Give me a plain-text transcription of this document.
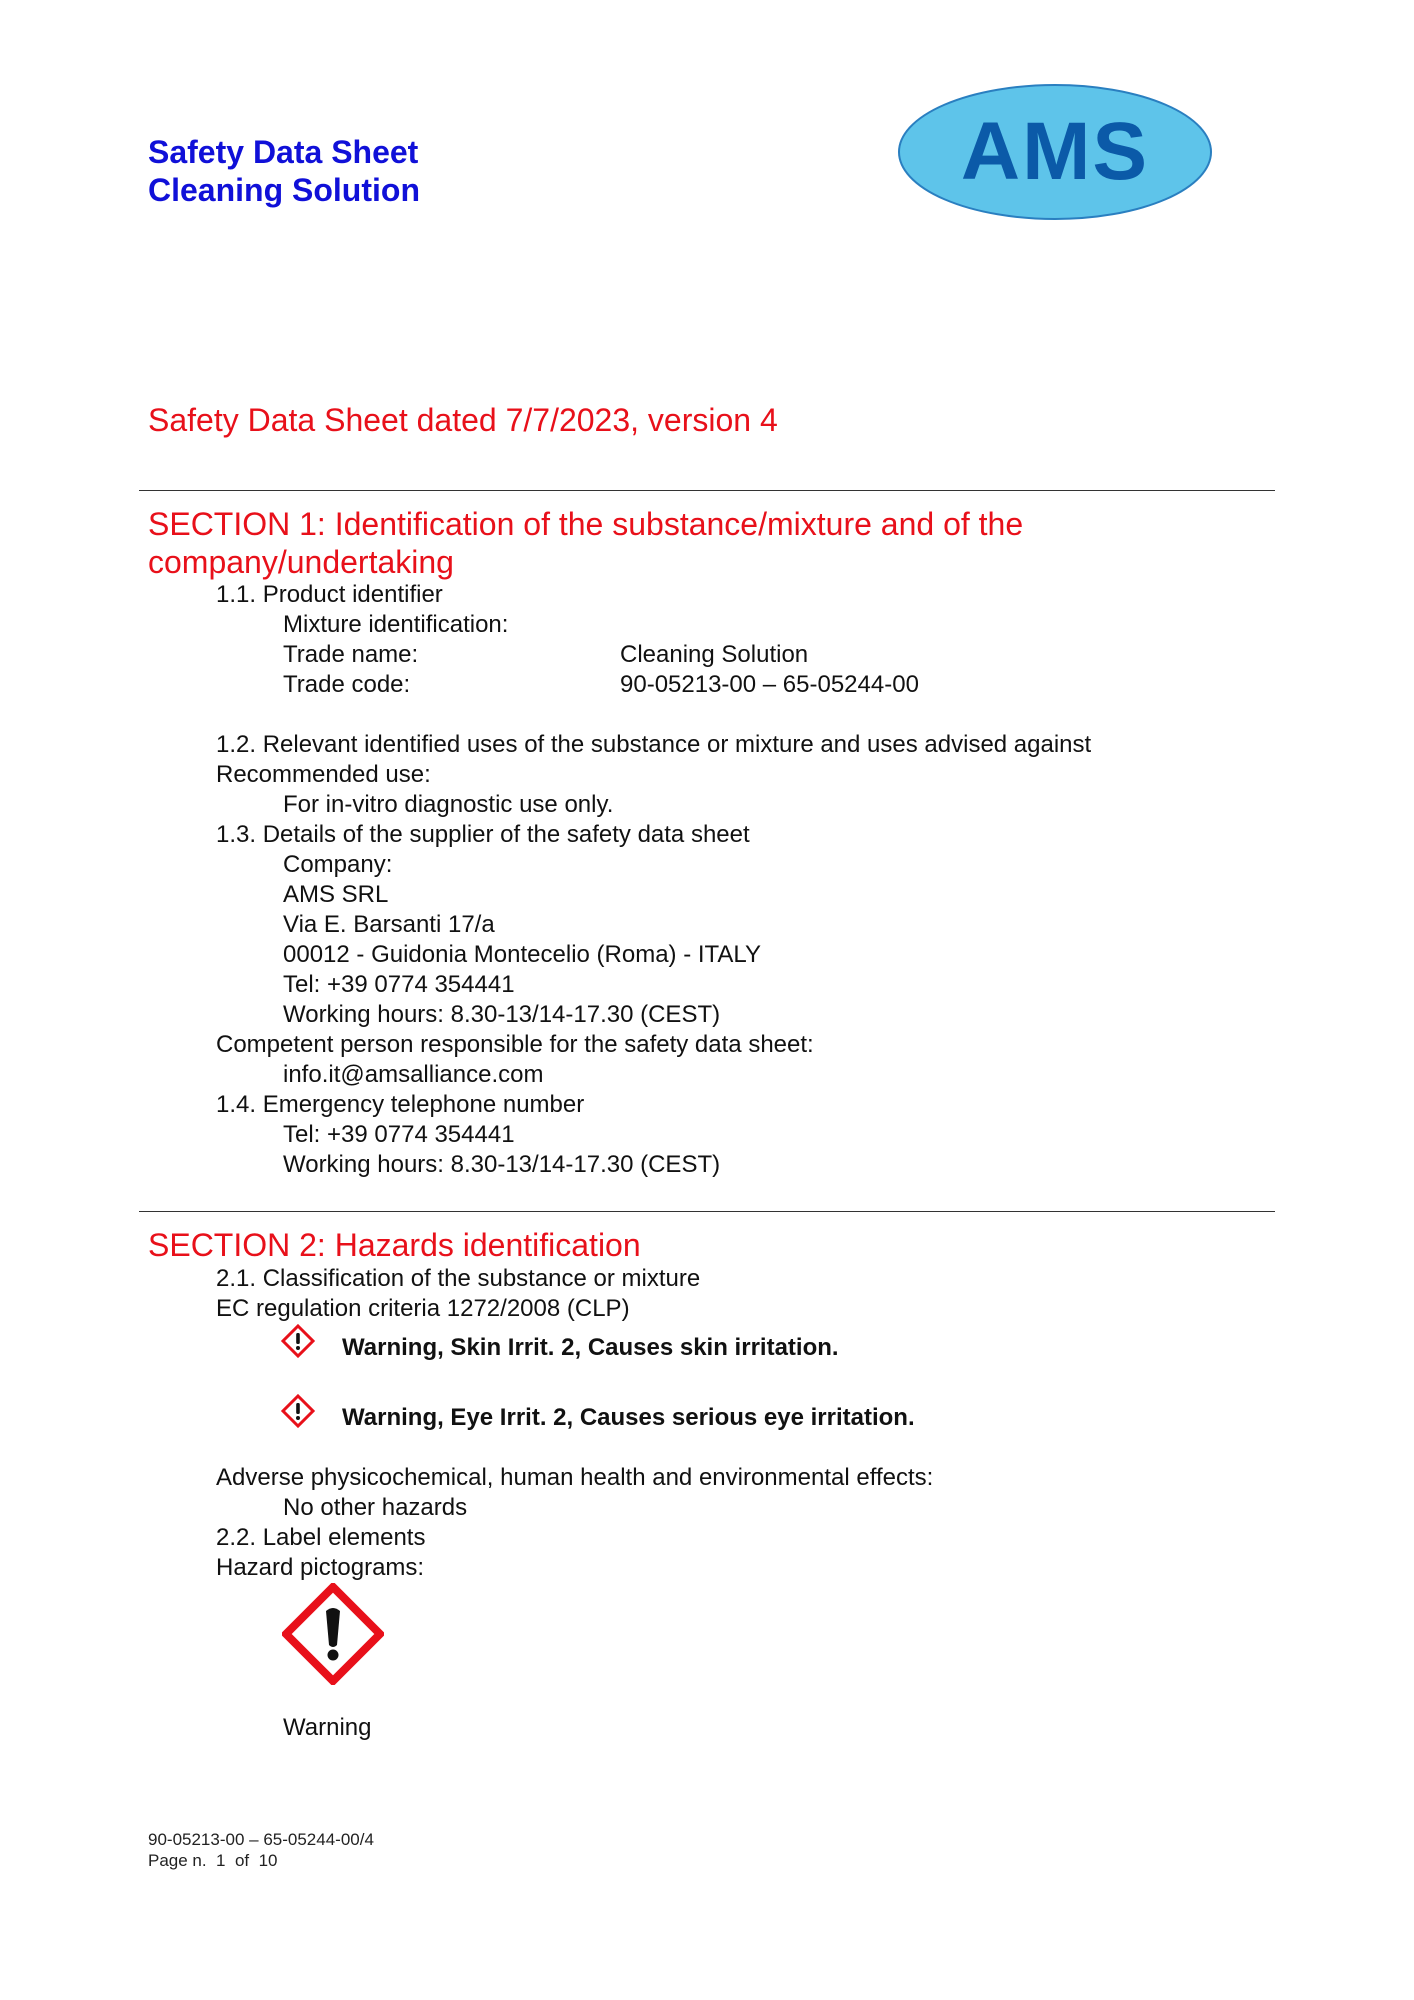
Safety Data Sheet
Cleaning Solution	AMS
Safety Data Sheet dated 7/7/2023, version 4
SECTION 1: Identification of the substance/mixture and of the
company/undertaking
1.1. Product identifier
Mixture identification:
Trade name:	Cleaning Solution
Trade code:	90-05213-00 – 65-05244-00
1.2. Relevant identified uses of the substance or mixture and uses advised against
Recommended use:
For in-vitro diagnostic use only.
1.3. Details of the supplier of the safety data sheet
Company:
AMS SRL
Via E. Barsanti 17/a
00012 - Guidonia Montecelio (Roma) - ITALY
Tel: +39 0774 354441
Working hours: 8.30-13/14-17.30 (CEST)
Competent person responsible for the safety data sheet:
info.it@amsalliance.com
1.4. Emergency telephone number
Tel: +39 0774 354441
Working hours: 8.30-13/14-17.30 (CEST)
SECTION 2: Hazards identification
2.1. Classification of the substance or mixture
EC regulation criteria 1272/2008 (CLP)
Warning, Skin Irrit. 2, Causes skin irritation.
Warning, Eye Irrit. 2, Causes serious eye irritation.
Adverse physicochemical, human health and environmental effects:
No other hazards
2.2. Label elements
Hazard pictograms:
Warning
90-05213-00 – 65-05244-00/4
Page n.  1  of  10
